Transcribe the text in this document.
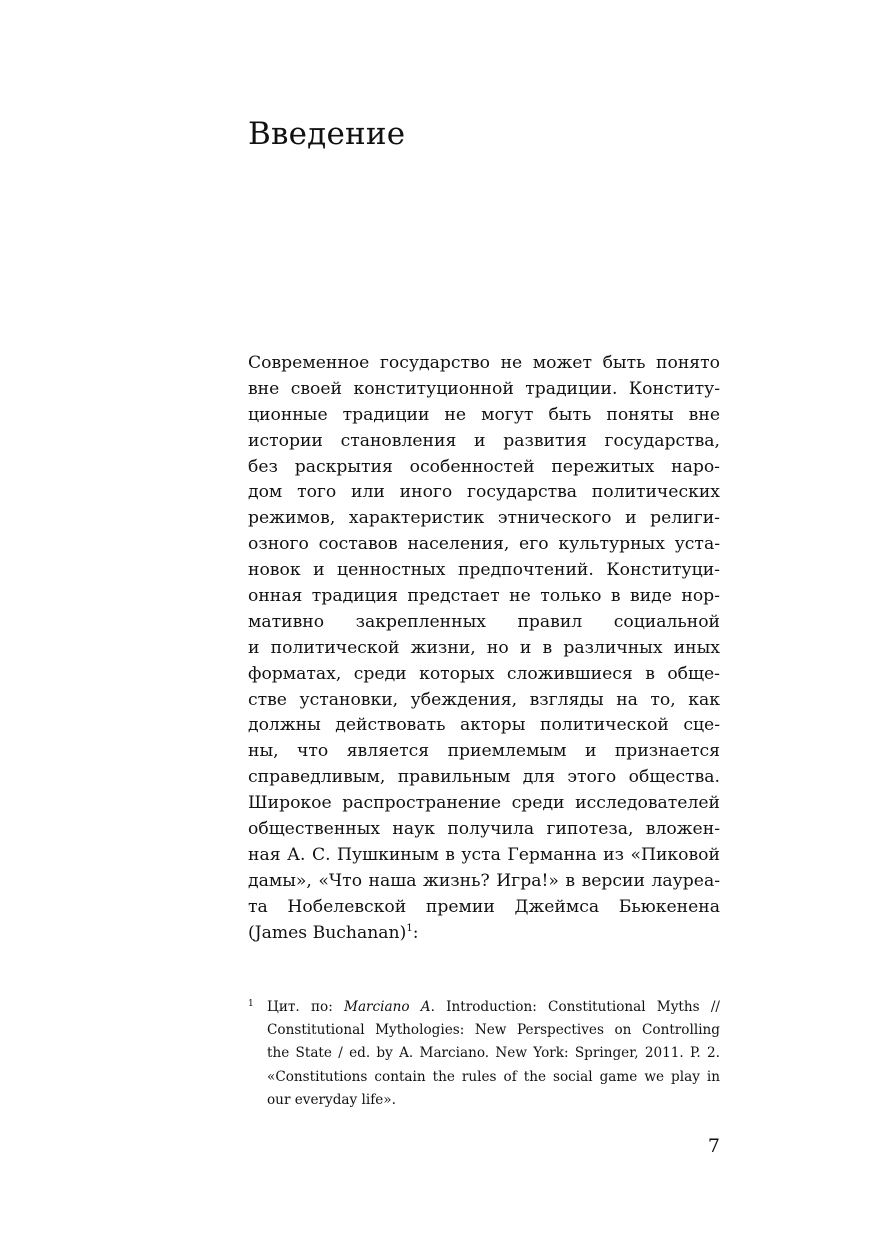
Введение
Современное государство не может быть понято
вне своей конституционной традиции. Конститу-
ционные традиции не могут быть поняты вне
истории становления и развития государства,
без раскрытия особенностей пережитых наро-
дом того или иного государства политических
режимов, характеристик этнического и религи-
озного составов населения, его культурных уста-
новок и ценностных предпочтений. Конституци-
онная традиция предстает не только в виде нор-
мативно закрепленных правил социальной
и политической жизни, но и в различных иных
форматах, среди которых сложившиеся в обще-
стве установки, убеждения, взгляды на то, как
должны действовать акторы политической сце-
ны, что является приемлемым и признается
справедливым, правильным для этого общества.
Широкое распространение среди исследователей
общественных наук получила гипотеза, вложен-
ная А. С. Пушкиным в уста Германна из «Пиковой
дамы», «Что наша жизнь? Игра!» в версии лауреа-
та Нобелевской премии Джеймса Бьюкенена
(James Buchanan)$^1$:
1 Цит. по: Marciano A. Introduction: Constitutional Myths //
Constitutional Mythologies: New Perspectives on Controlling
the State / ed. by A. Marciano. New York: Springer, 2011. P. 2.
«Constitutions contain the rules of the social game we play in
our everyday life».
7
